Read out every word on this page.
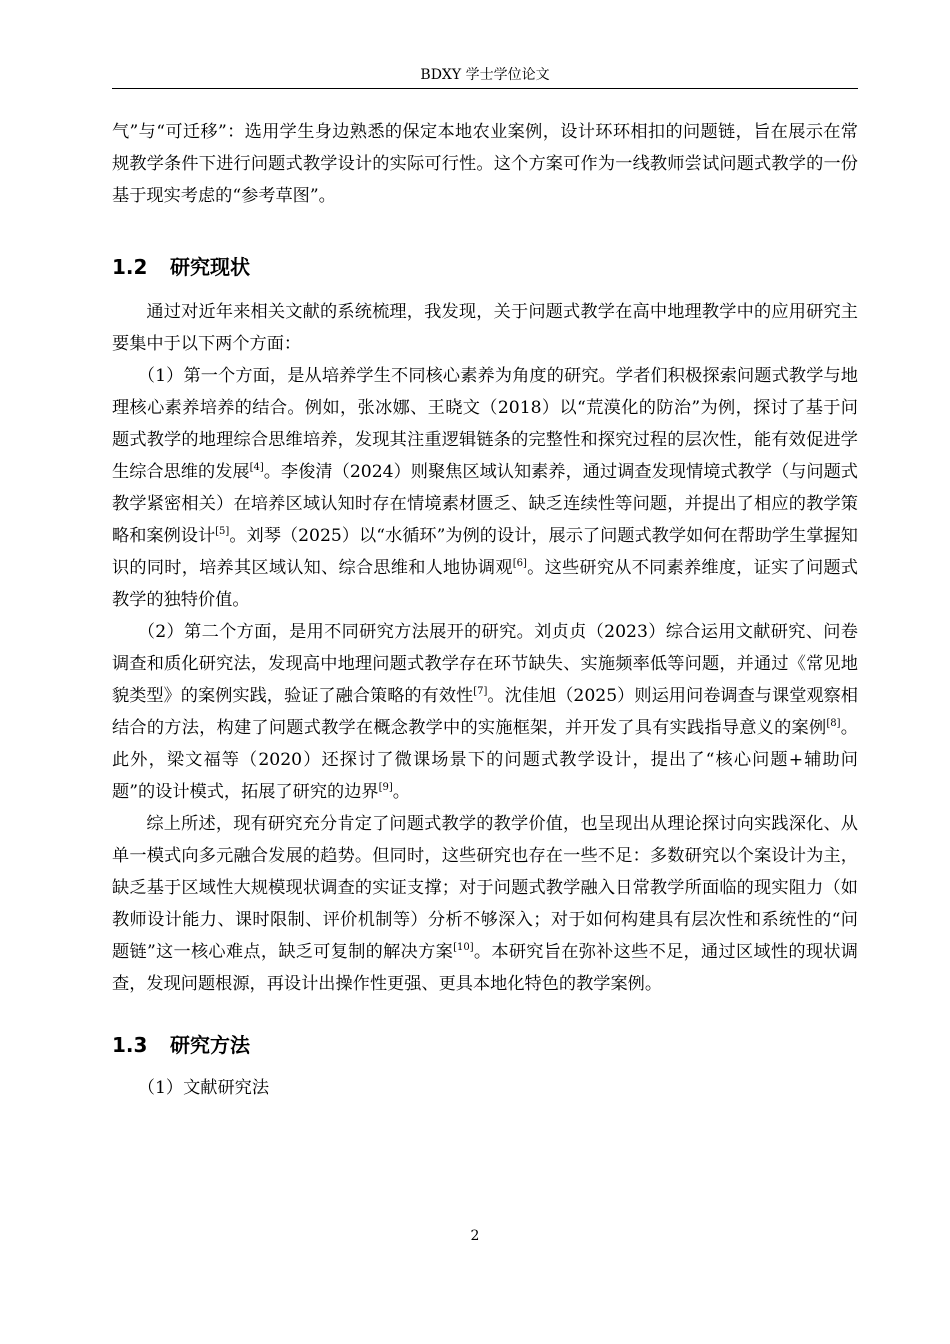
BDXY 学士学位论文

气”与“可迁移”：选用学生身边熟悉的保定本地农业案例，设计环环相扣的问题链，旨在展示在常规教学条件下进行问题式教学设计的实际可行性。这个方案可作为一线教师尝试问题式教学的一份基于现实考虑的“参考草图”。

1.2 研究现状

通过对近年来相关文献的系统梳理，我发现，关于问题式教学在高中地理教学中的应用研究主要集中于以下两个方面：

（1）第一个方面，是从培养学生不同核心素养为角度的研究。学者们积极探索问题式教学与地理核心素养培养的结合。例如，张冰娜、王晓文（2018）以“荒漠化的防治”为例，探讨了基于问题式教学的地理综合思维培养，发现其注重逻辑链条的完整性和探究过程的层次性，能有效促进学生综合思维的发展[4]。李俊清（2024）则聚焦区域认知素养，通过调查发现情境式教学（与问题式教学紧密相关）在培养区域认知时存在情境素材匮乏、缺乏连续性等问题，并提出了相应的教学策略和案例设计[5]。刘琴（2025）以“水循环”为例的设计，展示了问题式教学如何在帮助学生掌握知识的同时，培养其区域认知、综合思维和人地协调观[6]。这些研究从不同素养维度，证实了问题式教学的独特价值。

（2）第二个方面，是用不同研究方法展开的研究。刘贞贞（2023）综合运用文献研究、问卷调查和质化研究法，发现高中地理问题式教学存在环节缺失、实施频率低等问题，并通过《常见地貌类型》的案例实践，验证了融合策略的有效性[7]。沈佳旭（2025）则运用问卷调查与课堂观察相结合的方法，构建了问题式教学在概念教学中的实施框架，并开发了具有实践指导意义的案例[8]。此外，梁文福等（2020）还探讨了微课场景下的问题式教学设计，提出了“核心问题+辅助问题”的设计模式，拓展了研究的边界[9]。

综上所述，现有研究充分肯定了问题式教学的教学价值，也呈现出从理论探讨向实践深化、从单一模式向多元融合发展的趋势。但同时，这些研究也存在一些不足：多数研究以个案设计为主，缺乏基于区域性大规模现状调查的实证支撑；对于问题式教学融入日常教学所面临的现实阻力（如教师设计能力、课时限制、评价机制等）分析不够深入；对于如何构建具有层次性和系统性的“问题链”这一核心难点，缺乏可复制的解决方案[10]。本研究旨在弥补这些不足，通过区域性的现状调查，发现问题根源，再设计出操作性更强、更具本地化特色的教学案例。

1.3 研究方法

（1）文献研究法

2
